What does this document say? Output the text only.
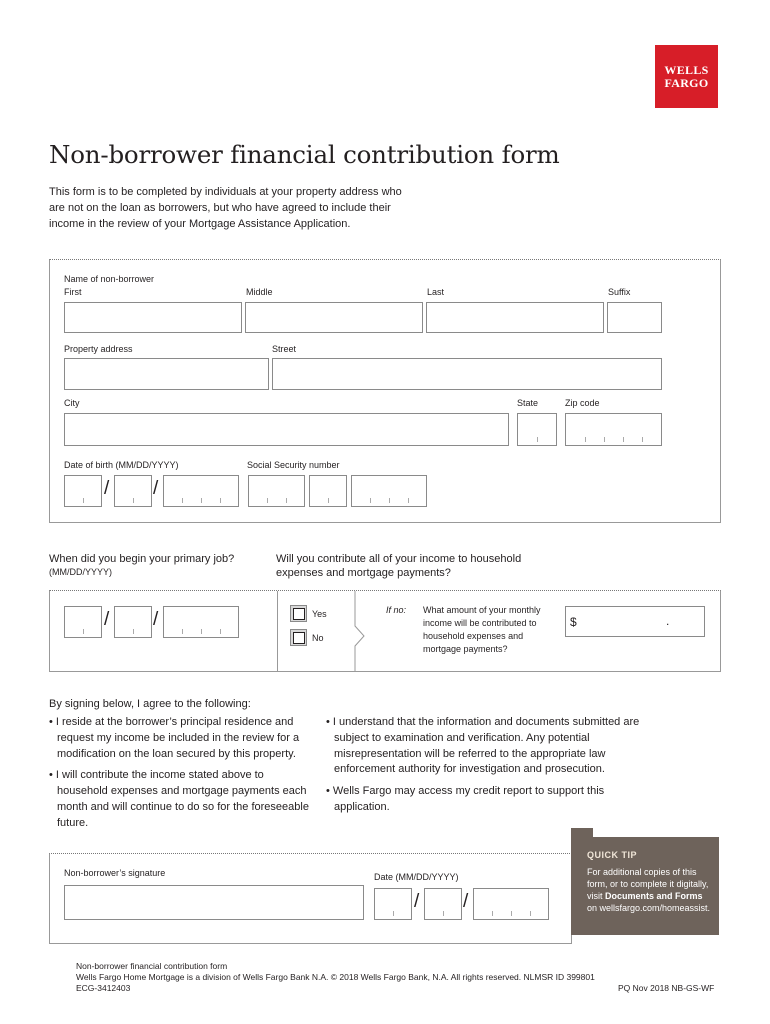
WELLS
FARGO
Non-borrower financial contribution form
This form is to be completed by individuals at your property address who are not on the loan as borrowers, but who have agreed to include their income in the review of your Mortgage Assistance Application.
Name of non-borrower
First	Middle	Last	Suffix
Property address	Street
City	State	Zip code
Date of birth (MM/DD/YYYY)	Social Security number
/ /
When did you begin your primary job?
(MM/DD/YYYY)
Will you contribute all of your income to household expenses and mortgage payments?
/ /	Yes
No
If no: What amount of your monthly income will be contributed to household expenses and mortgage payments?
$	.
By signing below, I agree to the following:
• I reside at the borrower’s principal residence and request my income be included in the review for a modification on the loan secured by this property.
• I will contribute the income stated above to household expenses and mortgage payments each month and will continue to do so for the foreseeable future.
• I understand that the information and documents submitted are subject to examination and verification. Any potential misrepresentation will be referred to the appropriate law enforcement authority for investigation and prosecution.
• Wells Fargo may access my credit report to support this application.
Non-borrower’s signature	Date (MM/DD/YYYY)
/ /
QUICK TIP
For additional copies of this form, or to complete it digitally, visit Documents and Forms on wellsfargo.com/homeassist.
Non-borrower financial contribution form
Wells Fargo Home Mortgage is a division of Wells Fargo Bank N.A. © 2018 Wells Fargo Bank, N.A. All rights reserved. NLMSR ID 399801
ECG-3412403	PQ Nov 2018 NB-GS-WF
